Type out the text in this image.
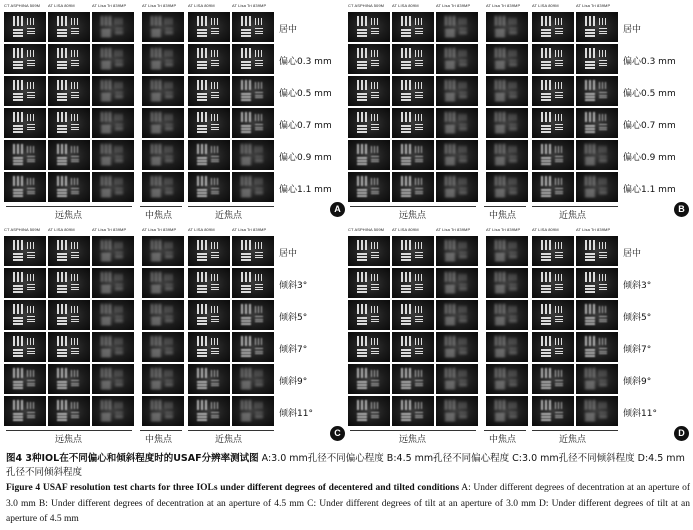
CT ASPHINA 509M AT LISA 809M	AT Lisa Tri 839MP	AT Lisa Tri 839MP	AT LISA 809M	AT Lisa Tri 839MP
居中
偏心0.3 mm
偏心0.5 mm
偏心0.7 mm
偏心0.9 mm
偏心1.1 mm
远焦点	中焦点	近焦点
A
CT ASPHINA 509M AT LISA 809M	AT Lisa Tri 839MP	AT Lisa Tri 839MP	AT LISA 809M	AT Lisa Tri 839MP
居中
偏心0.3 mm
偏心0.5 mm
偏心0.7 mm
偏心0.9 mm
偏心1.1 mm
远焦点	中焦点	近焦点
B
CT ASPHINA 509M AT LISA 809M	AT Lisa Tri 839MP	AT Lisa Tri 839MP	AT LISA 809M	AT Lisa Tri 839MP
居中
倾斜3°
倾斜5°
倾斜7°
倾斜9°
倾斜11°
远焦点	中焦点	近焦点
C
CT ASPHINA 509M AT LISA 809M	AT Lisa Tri 839MP	AT Lisa Tri 839MP	AT LISA 809M	AT Lisa Tri 839MP
居中
倾斜3°
倾斜5°
倾斜7°
倾斜9°
倾斜11°
远焦点	中焦点	近焦点
D
图4 3种IOL在不同偏心和倾斜程度时的USAF分辨率测试图 A:3.0 mm孔径不同偏心程度 B:4.5 mm孔径不同偏心程度 C:3.0 mm孔径不同倾斜程度 D:4.5 mm孔径不同倾斜程度
Figure 4 USAF resolution test charts for three IOLs under different degrees of decentered and tilted conditions A: Under different degrees of decentration at an aperture of 3.0 mm B: Under different degrees of decentration at an aperture of 4.5 mm C: Under different degrees of tilt at an aperture of 3.0 mm D: Under different degrees of tilt at an aperture of 4.5 mm
